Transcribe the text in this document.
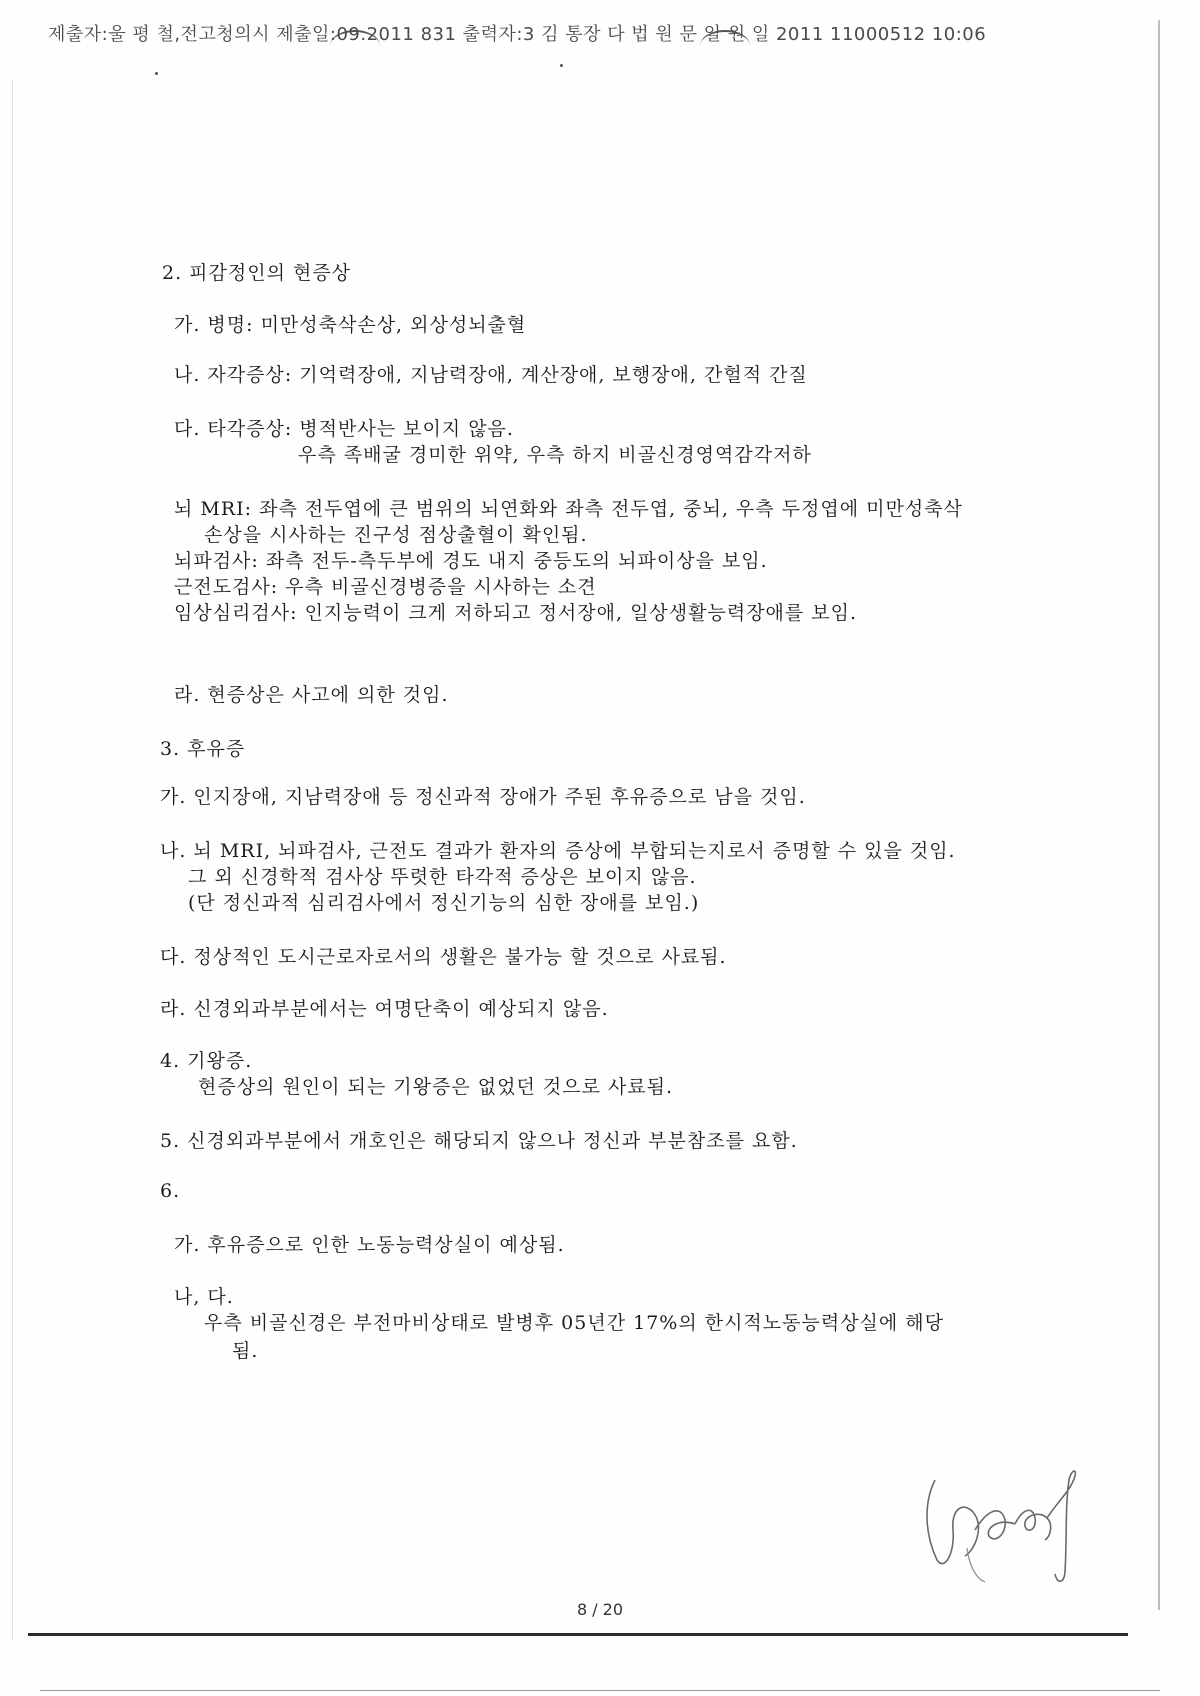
제출자:울 평 철,전고청의시 제출일:09.2011 831 출력자:3 김 통장 다 법 원 문 일 원 일 2011 11000512 10:06
2. 피감정인의 현증상
가. 병명: 미만성축삭손상, 외상성뇌출혈
나. 자각증상: 기억력장애, 지남력장애, 계산장애, 보행장애, 간헐적 간질
다. 타각증상: 병적반사는 보이지 않음.
우측 족배굴 경미한 위약, 우측 하지 비골신경영역감각저하
뇌 MRI: 좌측 전두엽에 큰 범위의 뇌연화와 좌측 전두엽, 중뇌, 우측 두정엽에 미만성축삭
손상을 시사하는 진구성 점상출혈이 확인됨.
뇌파검사: 좌측 전두-측두부에 경도 내지 중등도의 뇌파이상을 보임.
근전도검사: 우측 비골신경병증을 시사하는 소견
임상심리검사: 인지능력이 크게 저하되고 정서장애, 일상생활능력장애를 보임.
라. 현증상은 사고에 의한 것임.
3. 후유증
가. 인지장애, 지남력장애 등 정신과적 장애가 주된 후유증으로 남을 것임.
나. 뇌 MRI, 뇌파검사, 근전도 결과가 환자의 증상에 부합되는지로서 증명할 수 있을 것임.
그 외 신경학적 검사상 뚜렷한 타각적 증상은 보이지 않음.
(단 정신과적 심리검사에서 정신기능의 심한 장애를 보임.)
다. 정상적인 도시근로자로서의 생활은 불가능 할 것으로 사료됨.
라. 신경외과부분에서는 여명단축이 예상되지 않음.
4. 기왕증.
현증상의 원인이 되는 기왕증은 없었던 것으로 사료됨.
5. 신경외과부분에서 개호인은 해당되지 않으나 정신과 부분참조를 요함.
6.
가. 후유증으로 인한 노동능력상실이 예상됨.
나, 다.
우측 비골신경은 부전마비상태로 발병후 05년간 17%의 한시적노동능력상실에 해당
됨.
8 / 20
